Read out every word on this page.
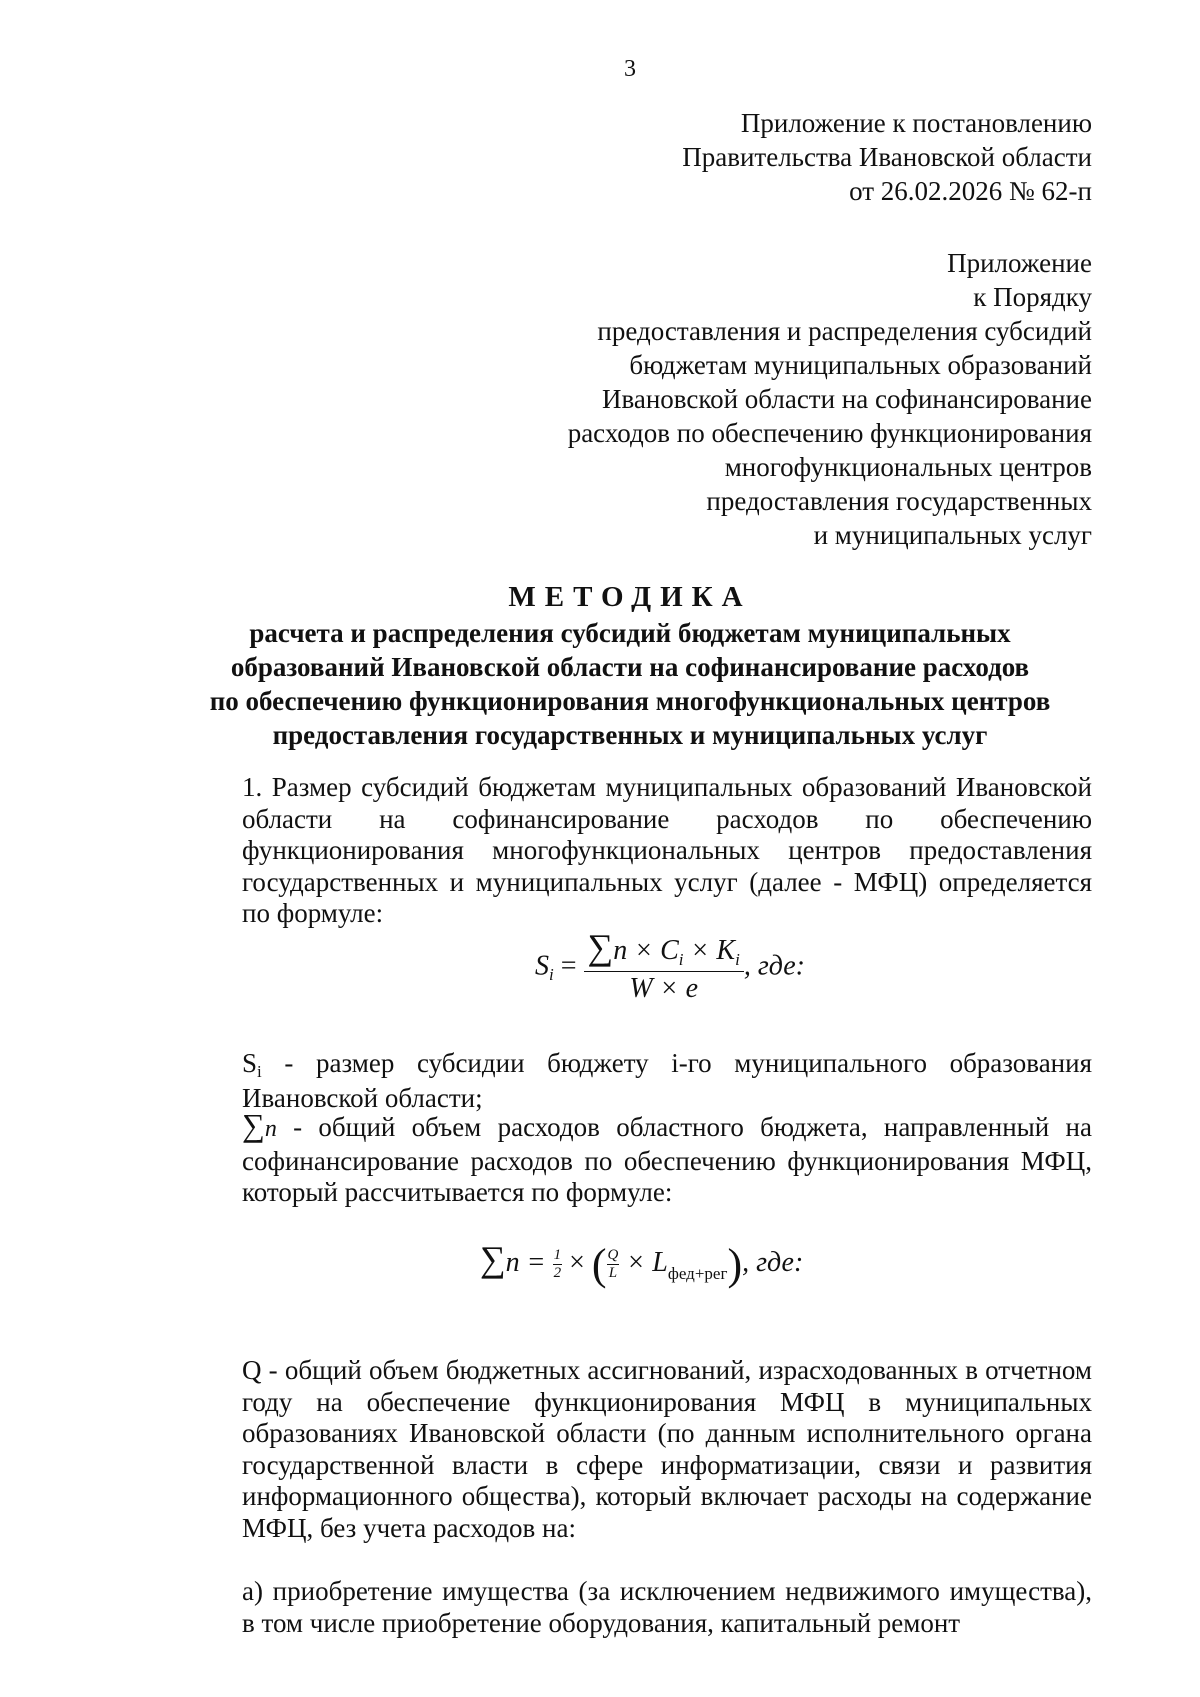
3
Приложение к постановлению
Правительства Ивановской области
от 26.02.2026 № 62-п
Приложение
к Порядку
предоставления и распределения субсидий
бюджетам муниципальных образований
Ивановской области на софинансирование
расходов по обеспечению функционирования
многофункциональных центров
предоставления государственных
и муниципальных услуг
МЕТОДИКА
расчета и распределения субсидий бюджетам муниципальных
образований Ивановской области на софинансирование расходов
по обеспечению функционирования многофункциональных центров
предоставления государственных и муниципальных услуг
1. Размер субсидий бюджетам муниципальных образований Ивановской области на софинансирование расходов по обеспечению функционирования многофункциональных центров предоставления государственных и муниципальных услуг (далее - МФЦ) определяется по формуле:
$S_i = \frac{\sum n \times C_i \times K_i}{W \times e}$ , где:
Si - размер субсидии бюджету i-го муниципального образования Ивановской области;
∑n - общий объем расходов областного бюджета, направленный на софинансирование расходов по обеспечению функционирования МФЦ, который рассчитывается по формуле:
$\sum n = \frac{1}{2}$ × ( $\frac{Q}{L} \times L_{фед+рег}$), где:
Q - общий объем бюджетных ассигнований, израсходованных в отчетном году на обеспечение функционирования МФЦ в муниципальных образованиях Ивановской области (по данным исполнительного органа государственной власти в сфере информатизации, связи и развития информационного общества), который включает расходы на содержание МФЦ, без учета расходов на:
а) приобретение имущества (за исключением недвижимого имущества), в том числе приобретение оборудования, капитальный ремонт
